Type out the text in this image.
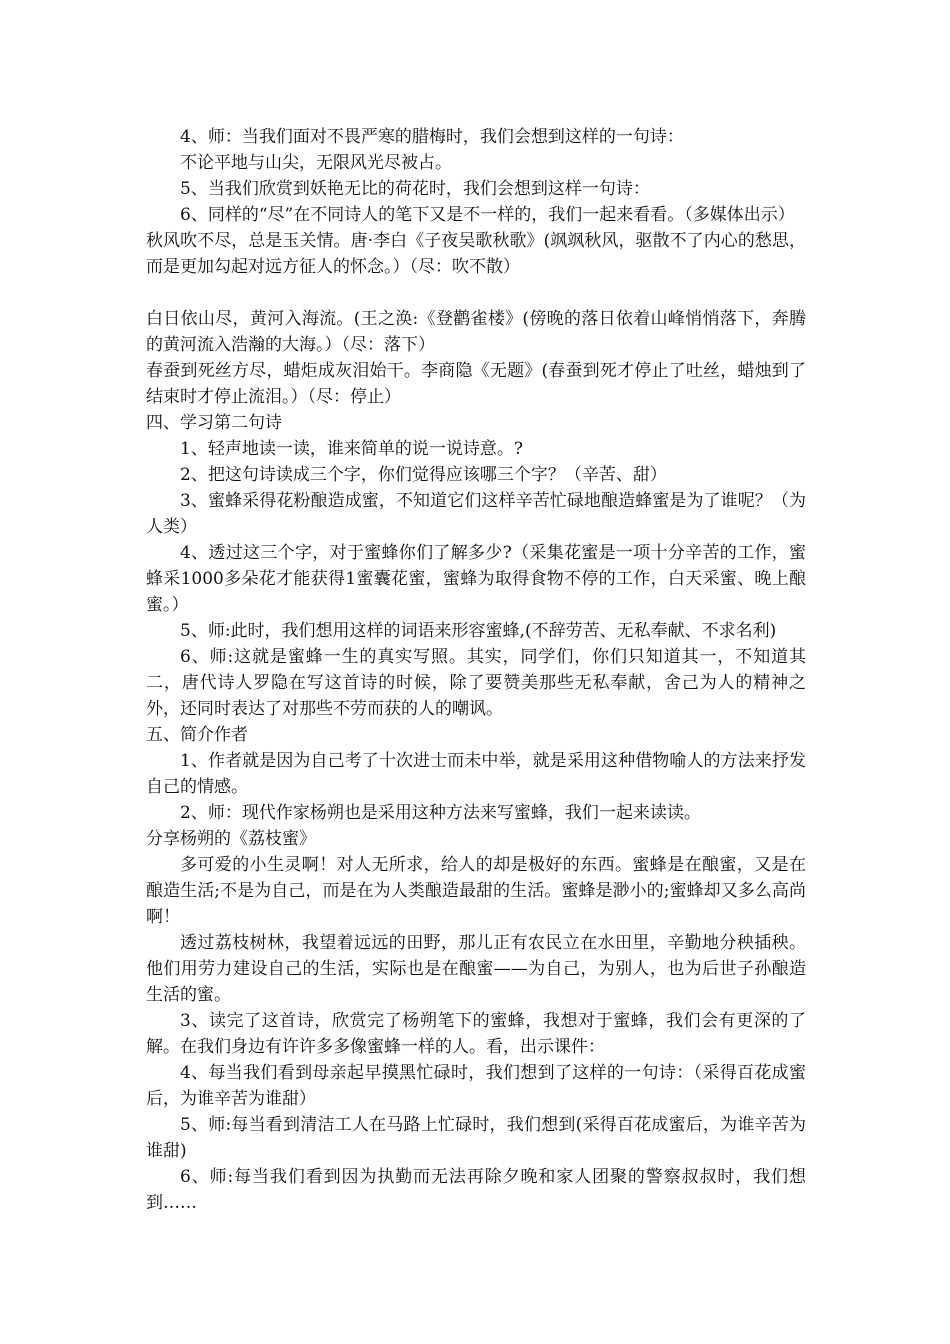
4、师：当我们面对不畏严寒的腊梅时，我们会想到这样的一句诗：

不论平地与山尖，无限风光尽被占。

5、当我们欣赏到妖艳无比的荷花时，我们会想到这样一句诗：

6、同样的“尽”在不同诗人的笔下又是不一样的，我们一起来看看。（多媒体出示）

秋风吹不尽，总是玉关情。唐·李白《子夜吴歌秋歌》(飒飒秋风，驱散不了内心的愁思，而是更加勾起对远方征人的怀念。）（尽：吹不散）

白日依山尽，黄河入海流。(王之涣:《登鹳雀楼》(傍晚的落日依着山峰悄悄落下，奔腾的黄河流入浩瀚的大海。）（尽：落下）

春蚕到死丝方尽，蜡炬成灰泪始干。李商隐《无题》(春蚕到死才停止了吐丝，蜡烛到了结束时才停止流泪。）（尽：停止）

四、学习第二句诗

1、轻声地读一读，谁来简单的说一说诗意。?

2、把这句诗读成三个字，你们觉得应该哪三个字？（辛苦、甜）

3、蜜蜂采得花粉酿造成蜜，不知道它们这样辛苦忙碌地酿造蜂蜜是为了谁呢？（为人类）

4、透过这三个字，对于蜜蜂你们了解多少?（采集花蜜是一项十分辛苦的工作，蜜蜂采1000多朵花才能获得1蜜囊花蜜，蜜蜂为取得食物不停的工作，白天采蜜、晚上酿蜜。）

5、师:此时，我们想用这样的词语来形容蜜蜂,(不辞劳苦、无私奉献、不求名利)

6、师:这就是蜜蜂一生的真实写照。其实，同学们，你们只知道其一，不知道其二，唐代诗人罗隐在写这首诗的时候，除了要赞美那些无私奉献，舍己为人的精神之外，还同时表达了对那些不劳而获的人的嘲讽。

五、简介作者

1、作者就是因为自己考了十次进士而未中举，就是采用这种借物喻人的方法来抒发自己的情感。

2、师：现代作家杨朔也是采用这种方法来写蜜蜂，我们一起来读读。

分享杨朔的《荔枝蜜》

多可爱的小生灵啊！对人无所求，给人的却是极好的东西。蜜蜂是在酿蜜，又是在酿造生活;不是为自己，而是在为人类酿造最甜的生活。蜜蜂是渺小的;蜜蜂却又多么高尚啊！

透过荔枝树林，我望着远远的田野，那儿正有农民立在水田里，辛勤地分秧插秧。他们用劳力建设自己的生活，实际也是在酿蜜——为自己，为别人，也为后世子孙酿造生活的蜜。

3、读完了这首诗，欣赏完了杨朔笔下的蜜蜂，我想对于蜜蜂，我们会有更深的了解。在我们身边有许许多多像蜜蜂一样的人。看，出示课件：

4、每当我们看到母亲起早摸黑忙碌时，我们想到了这样的一句诗：（采得百花成蜜后，为谁辛苦为谁甜）

5、师:每当看到清洁工人在马路上忙碌时，我们想到(采得百花成蜜后，为谁辛苦为谁甜)

6、师:每当我们看到因为执勤而无法再除夕晚和家人团聚的警察叔叔时，我们想到……
